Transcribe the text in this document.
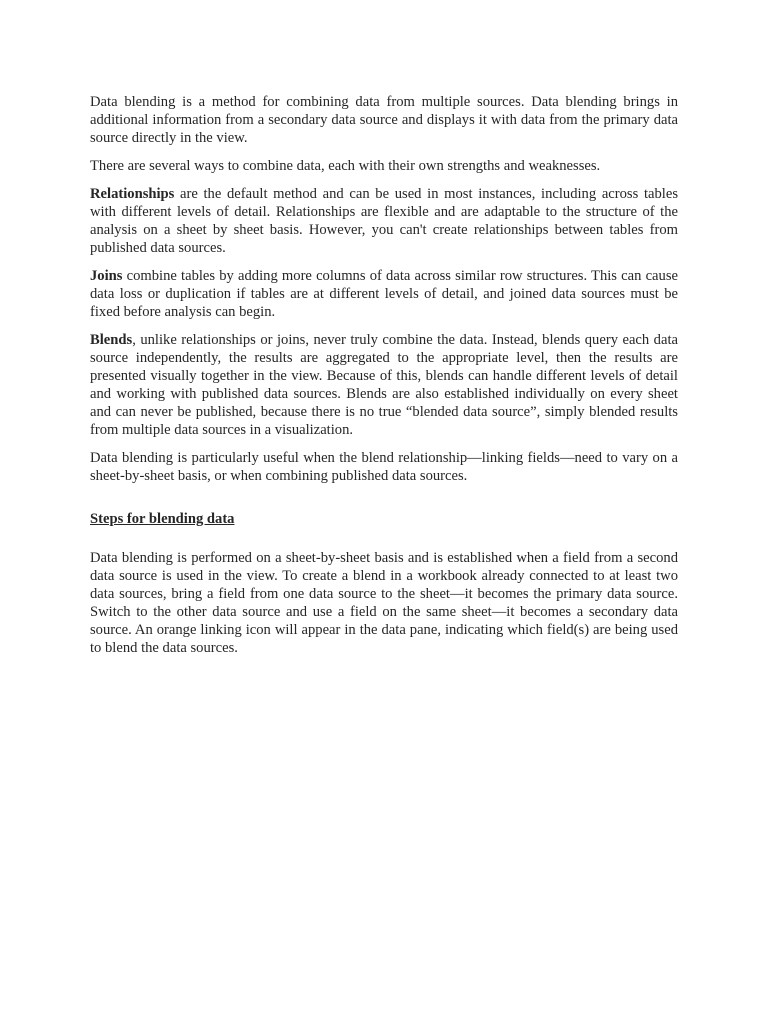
Data blending is a method for combining data from multiple sources. Data blending brings in additional information from a secondary data source and displays it with data from the primary data source directly in the view.

There are several ways to combine data, each with their own strengths and weaknesses.

Relationships are the default method and can be used in most instances, including across tables with different levels of detail. Relationships are flexible and are adaptable to the structure of the analysis on a sheet by sheet basis. However, you can't create relationships between tables from published data sources.

Joins combine tables by adding more columns of data across similar row structures. This can cause data loss or duplication if tables are at different levels of detail, and joined data sources must be fixed before analysis can begin.

Blends, unlike relationships or joins, never truly combine the data. Instead, blends query each data source independently, the results are aggregated to the appropriate level, then the results are presented visually together in the view. Because of this, blends can handle different levels of detail and working with published data sources. Blends are also established individually on every sheet and can never be published, because there is no true “blended data source”, simply blended results from multiple data sources in a visualization.

Data blending is particularly useful when the blend relationship—linking fields—need to vary on a sheet-by-sheet basis, or when combining published data sources.

Steps for blending data

Data blending is performed on a sheet-by-sheet basis and is established when a field from a second data source is used in the view. To create a blend in a workbook already connected to at least two data sources, bring a field from one data source to the sheet—it becomes the primary data source. Switch to the other data source and use a field on the same sheet—it becomes a secondary data source. An orange linking icon will appear in the data pane, indicating which field(s) are being used to blend the data sources.
